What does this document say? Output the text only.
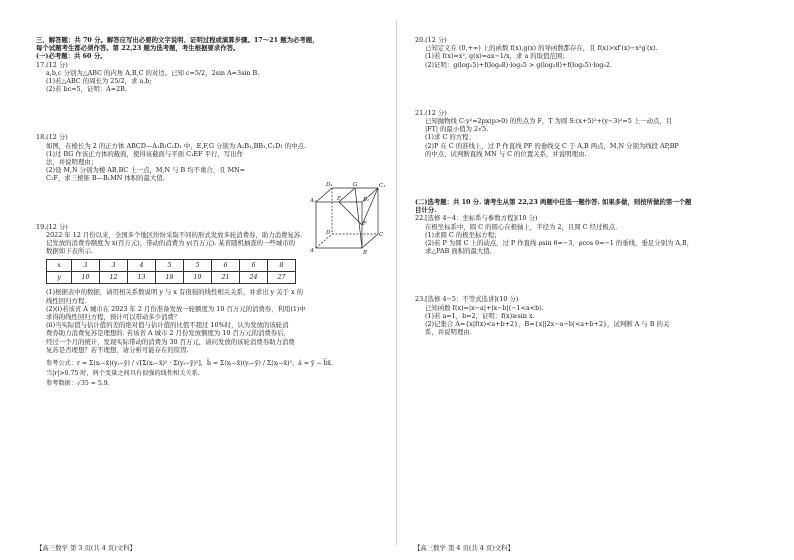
三、解答题：共 70 分。解答应写出必要的文字说明、证明过程或演算步骤。17～21 题为必考题，
每个试题考生都必须作答。第 22,23 题为选考题，考生根据要求作答。
(一)必考题：共 60 分。
17.(12 分)
a,b,c 分别为△ABC 的内角 A,B,C 的对边。已知 c=5/2，2sin A=3sin B.
(1)若△ABC 的周长为 25/2，求 a,b;
(2)若 bc=5，证明：A=2B.
18.(12 分)
如图，在棱长为 2 的正方体 ABCD—A₁B₁C₁D₁ 中，E,F,G 分别为 A₁B₁,BB₁,C₁D₁ 的中点.
(1)过 BG 作该正方体的截面，使得该截面与平面 C₁EF 平行，写出作
法，并说明理由；
(2)设 M,N 分别为棱 AB,BC 上一点，M,N 与 B 均不重合，且 MN=
C₁F，求三棱锥 B—B₁MN 体积的最大值.
19.(12 分)
2022 年 12 月份以来，全国多个地区纷纷采取不同的形式发放多轮消费券，助力消费复苏.
记发放的消费券额度为 x(百万元)，带动的消费为 y(百万元). 某省随机抽查的一些城市的
数据如下表所示.
x	3	3	4	5	5	6	6	8
y	10	12	13	18	19	21	24	27
(1)根据表中的数据，请用相关系数说明 y 与 x 有很强的线性相关关系，并求出 y 关于 x 的
线性回归方程.
(2)(i)若该省 A 城市在 2023 年 2 月份准备发放一轮额度为 10 百万元的消费券，利用(1)中
求得的线性回归方程，预计可以带动多少消费？
(ii)当实际值与估计值的差的绝对值与估计值的比值不超过 10%时，认为发放的该轮消
费券助力消费复苏是理想的. 若该省 A 城市 2 月份发放额度为 10 百万元的消费券后，
经过一个月的统计，发现实际带动的消费为 30 百万元，请问发放的该轮消费券助力消费
复苏是否理想？若不理想，请分析可能存在的原因.
参考公式：r = Σ(xᵢ−x̄)(yᵢ−ȳ) / √[Σ(xᵢ−x̄)² · Σ(yᵢ−ȳ)²]，b̂ = Σ(xᵢ−x̄)(yᵢ−ȳ) / Σ(xᵢ−x̄)²，â = ȳ − b̂x̄.
当|r|>0.75 时，两个变量之间具有很强的线性相关关系.
参考数据：√35 ≈ 5.9.
20.(12 分)
已知定义在 (0,+∞) 上的函数 f(x),g(x) 的导函数都存在，且 f(x)>xf′(x)−x²g′(x).
(1)若 f(x)=x², g(x)=ax−1/x，求 a 的取值范围；
(2)证明：g(log₂5)+f(log₈8)·log₃5 > g(log₂8)+f(log₃5)·log₅2.
21.(12 分)
已知抛物线 C:y²=2px(p>0) 的焦点为 F，T 为圆 S:(x+5)²+(y−3)²=5 上一动点，且
|FT| 的最小值为 2√5.
(1)求 C 的方程；
(2)P 在 C 的准线上，过 P 作直线 PF 的垂线交 C 于 A,B 两点，M,N 分别为线段 AP,BP
的中点，试判断直线 MN 与 C 的位置关系，并说明理由.
(二)选考题：共 10 分. 请考生从第 22,23 两题中任选一题作答. 如果多做，则按所做的第一个题
目计分.
22.[选修 4−4：坐标系与参数方程](10 分)
在极坐标系中，圆 C 的圆心在极轴上，半径为 2，且圆 C 经过极点.
(1)求圆 C 的极坐标方程；
(2)若 P 为圆 C 上的动点，过 P 作直线 ρsin θ=−3，ρcos θ=−1 的垂线，垂足分别为 A,B，
求△PAB 面积的最大值.
23.[选修 4−5：不等式选讲](10 分)
已知函数 f(x)=|x−a|+|x−b|(−1<a<b).
(1)若 a=1，b=2，证明：f(x)≥sin x.
(2)记集合 A={x|f(x)<a+b+2}，B={x||2x−a−b|<a+b+2}，试判断 A 与 B 的关
系，并说明理由.
D₁	G	C₁
A₁	E	B₁
F
D	C
A	B
【高三数学 第 3 页(共 4 页)文科】	【高三数学 第 4 页(共 4 页)文科】
